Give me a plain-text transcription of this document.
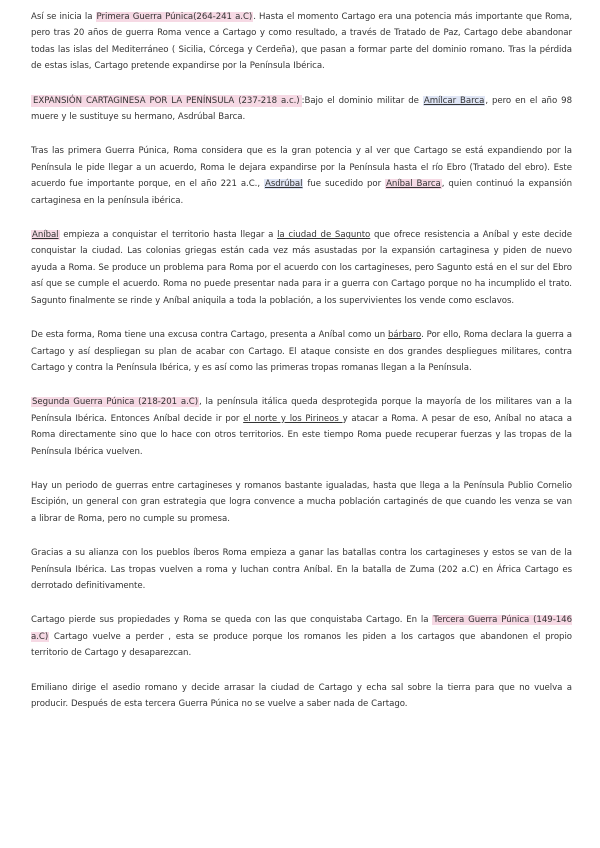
Así se inicia la Primera Guerra Púnica(264-241 a.C). Hasta el momento Cartago era una potencia más importante que Roma, pero tras 20 años de guerra Roma vence a Cartago y como resultado, a través de Tratado de Paz, Cartago debe abandonar todas las islas del Mediterráneo ( Sicilia, Córcega y Cerdeña), que pasan a formar parte del dominio romano. Tras la pérdida de estas islas, Cartago pretende expandirse por la Península Ibérica.

EXPANSIÓN CARTAGINESA POR LA PENÍNSULA (237-218 a.c.) :Bajo el dominio militar de Amílcar Barca, pero en el año 98 muere y le sustituye su hermano, Asdrúbal Barca.

Tras las primera Guerra Púnica, Roma considera que es la gran potencia y al ver que Cartago se está expandiendo por la Península le pide llegar a un acuerdo, Roma le dejara expandirse por la Península hasta el río Ebro (Tratado del ebro). Este acuerdo fue importante porque, en el año 221 a.C., Asdrúbal fue sucedido por Aníbal Barca, quien continuó la expansión cartaginesa en la península ibérica.

Aníbal empieza a conquistar el territorio hasta llegar a la ciudad de Sagunto que ofrece resistencia a Aníbal y este decide conquistar la ciudad. Las colonias griegas están cada vez más asustadas por la expansión cartaginesa y piden de nuevo ayuda a Roma. Se produce un problema para Roma por el acuerdo con los cartagineses, pero Sagunto está en el sur del Ebro así que se cumple el acuerdo. Roma no puede presentar nada para ir a guerra con Cartago porque no ha incumplido el trato. Sagunto finalmente se rinde y Aníbal aniquila a toda la población, a los supervivientes los vende como esclavos.

De esta forma, Roma tiene una excusa contra Cartago, presenta a Aníbal como un bárbaro. Por ello, Roma declara la guerra a Cartago y así despliegan su plan de acabar con Cartago. El ataque consiste en dos grandes despliegues militares, contra Cartago y contra la Península Ibérica, y es así como las primeras tropas romanas llegan a la Península.

Segunda Guerra Púnica (218-201 a.C), la península itálica queda desprotegida porque la mayoría de los militares van a la Península Ibérica. Entonces Aníbal decide ir por el norte y los Pirineos y atacar a Roma. A pesar de eso, Aníbal no ataca a Roma directamente sino que lo hace con otros territorios. En este tiempo Roma puede recuperar fuerzas y las tropas de la Península Ibérica vuelven.

Hay un periodo de guerras entre cartagineses y romanos bastante igualadas, hasta que llega a la Península Publio Cornelio Escipión, un general con gran estrategia que logra convence a mucha población cartaginés de que cuando les venza se van a librar de Roma, pero no cumple su promesa.

Gracias a su alianza con los pueblos íberos Roma empieza a ganar las batallas contra los cartagineses y estos se van de la Península Ibérica. Las tropas vuelven a roma y luchan contra Aníbal. En la batalla de Zuma (202 a.C) en África Cartago es derrotado definitivamente.

Cartago pierde sus propiedades y Roma se queda con las que conquistaba Cartago. En la Tercera Guerra Púnica (149-146 a.C) Cartago vuelve a perder , esta se produce porque los romanos les piden a los cartagos que abandonen el propio territorio de Cartago y desaparezcan.

Emiliano dirige el asedio romano y decide arrasar la ciudad de Cartago y echa sal sobre la tierra para que no vuelva a producir. Después de esta tercera Guerra Púnica no se vuelve a saber nada de Cartago.
